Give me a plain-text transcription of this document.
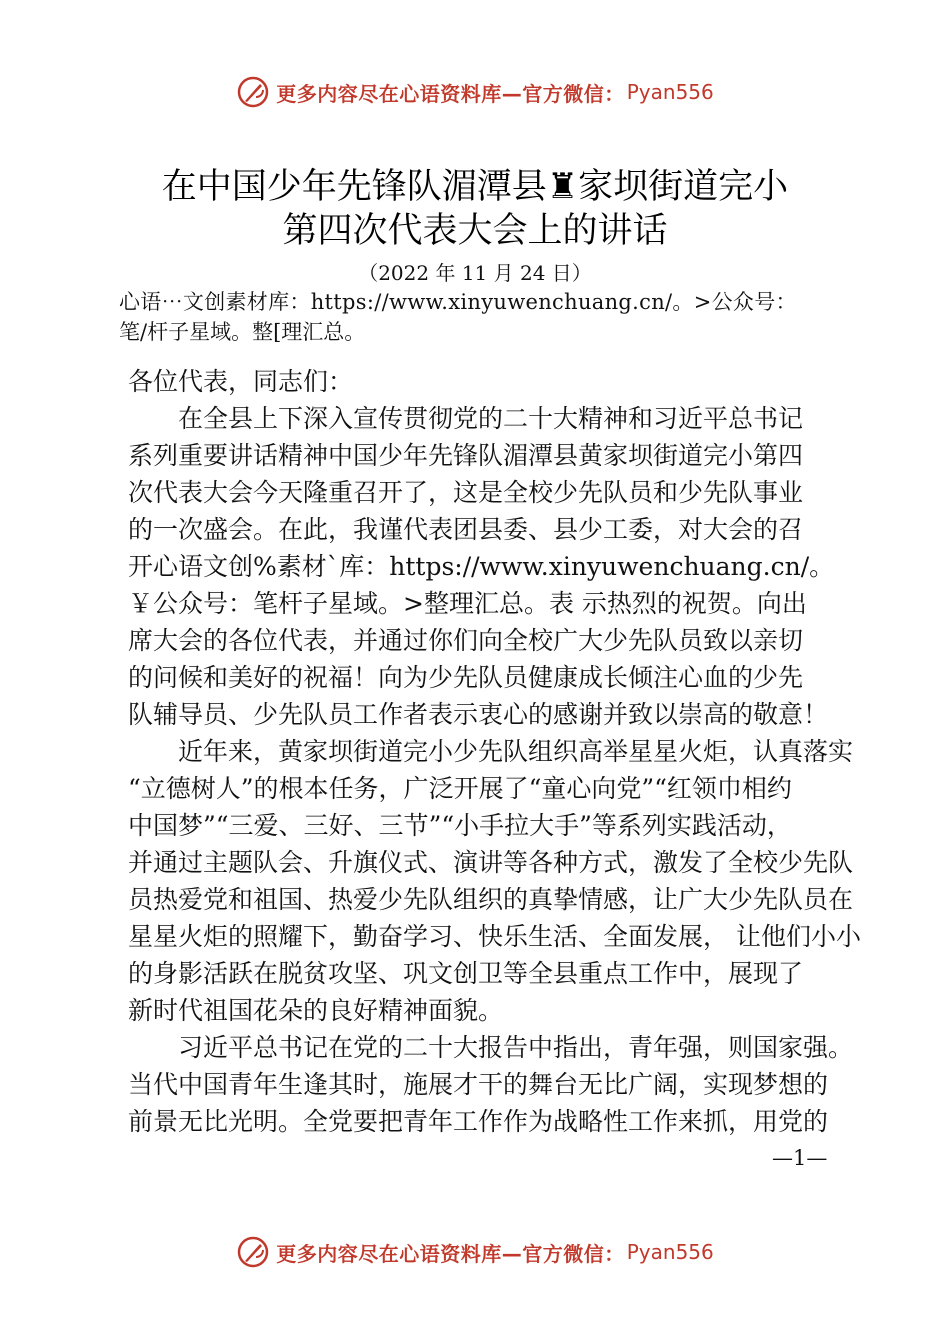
更多内容尽在心语资料库—官方微信： Pyan556
在中国少年先锋队湄潭县♜家坝街道完小
第四次代表大会上的讲话
（2022 年 11 月 24 日）
心语⋯文创素材库：https://www.xinyuwenchuang.cn/。>公众号：
笔/杆子星域。整[理汇总。
各位代表，同志们：
在全县上下深入宣传贯彻党的二十大精神和习近平总书记
系列重要讲话精神中国少年先锋队湄潭县黄家坝街道完小第四
次代表大会今天隆重召开了，这是全校少先队员和少先队事业
的一次盛会。在此，我谨代表团县委、县少工委，对大会的召
开心语文创%素材`库：https://www.xinyuwenchuang.cn/。
￥公众号：笔杆子星域。>整理汇总。表 示热烈的祝贺。向出
席大会的各位代表，并通过你们向全校广大少先队员致以亲切
的问候和美好的祝福！向为少先队员健康成长倾注心血的少先
队辅导员、少先队员工作者表示衷心的感谢并致以崇高的敬意！
近年来，黄家坝街道完小少先队组织高举星星火炬，认真落实
“立德树人”的根本任务，广泛开展了“童心向党”“红领巾相约
中国梦”“三爱、三好、三节”“小手拉大手”等系列实践活动，
并通过主题队会、升旗仪式、演讲等各种方式，激发了全校少先队
员热爱党和祖国、热爱少先队组织的真挚情感，让广大少先队员在
星星火炬的照耀下，勤奋学习、快乐生活、全面发展， 让他们小小
的身影活跃在脱贫攻坚、巩文创卫等全县重点工作中，展现了
新时代祖国花朵的良好精神面貌。
习近平总书记在党的二十大报告中指出，青年强，则国家强。
当代中国青年生逢其时，施展才干的舞台无比广阔，实现梦想的
前景无比光明。全党要把青年工作作为战略性工作来抓，用党的
—1—
更多内容尽在心语资料库—官方微信： Pyan556
